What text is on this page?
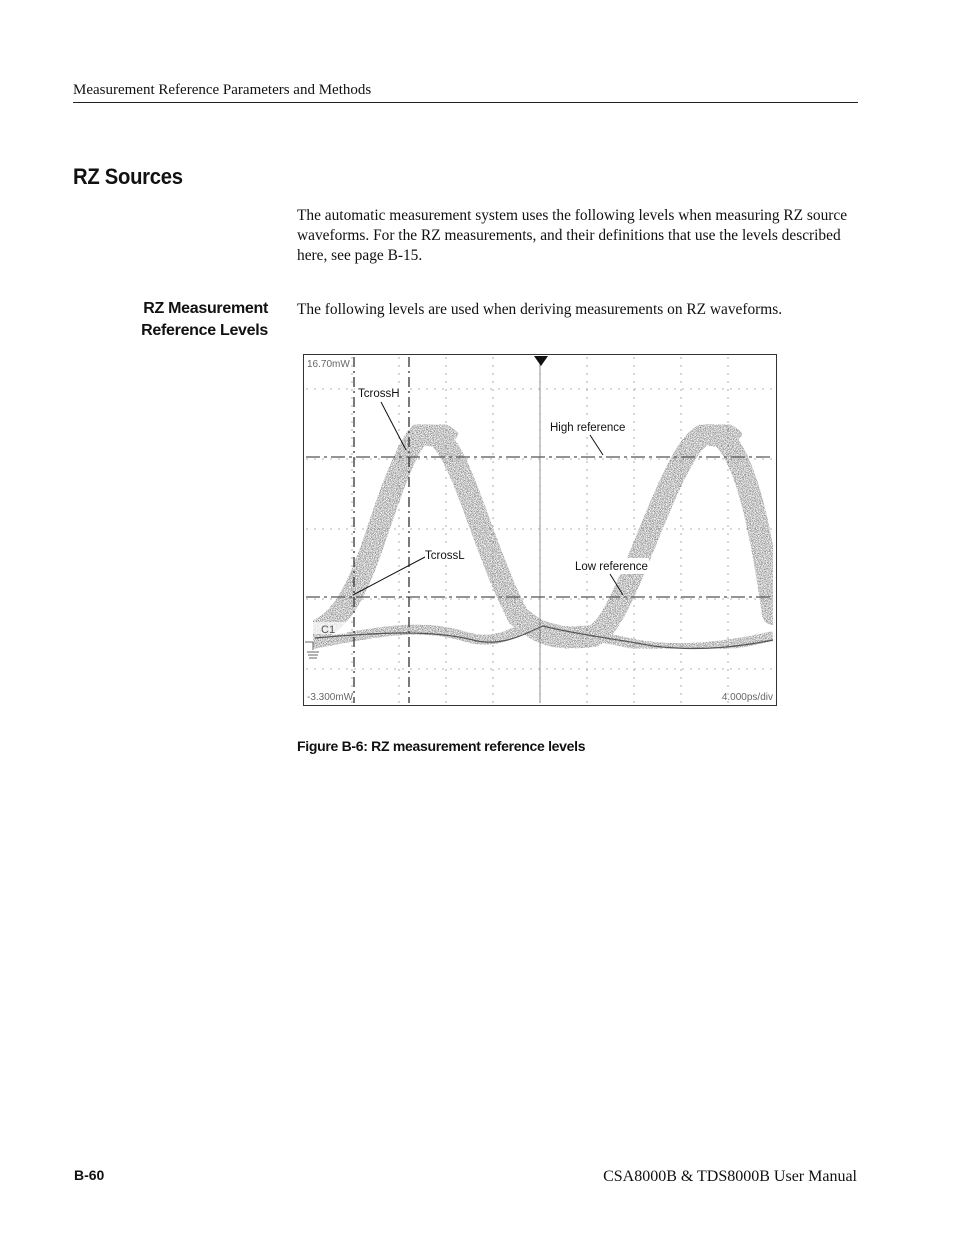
Measurement Reference Parameters and Methods
RZ Sources
The automatic measurement system uses the following levels when measuring RZ source waveforms. For the RZ measurements, and their definitions that use the levels described here, see page B-15.
RZ Measurement
Reference Levels
The following levels are used when deriving measurements on RZ waveforms.
C1
16.70mW
-3.300mW	4.000ps/div
TcrossH
TcrossL
High reference
Low reference
Figure B-6: RZ measurement reference levels
B-60	CSA8000B & TDS8000B User Manual
